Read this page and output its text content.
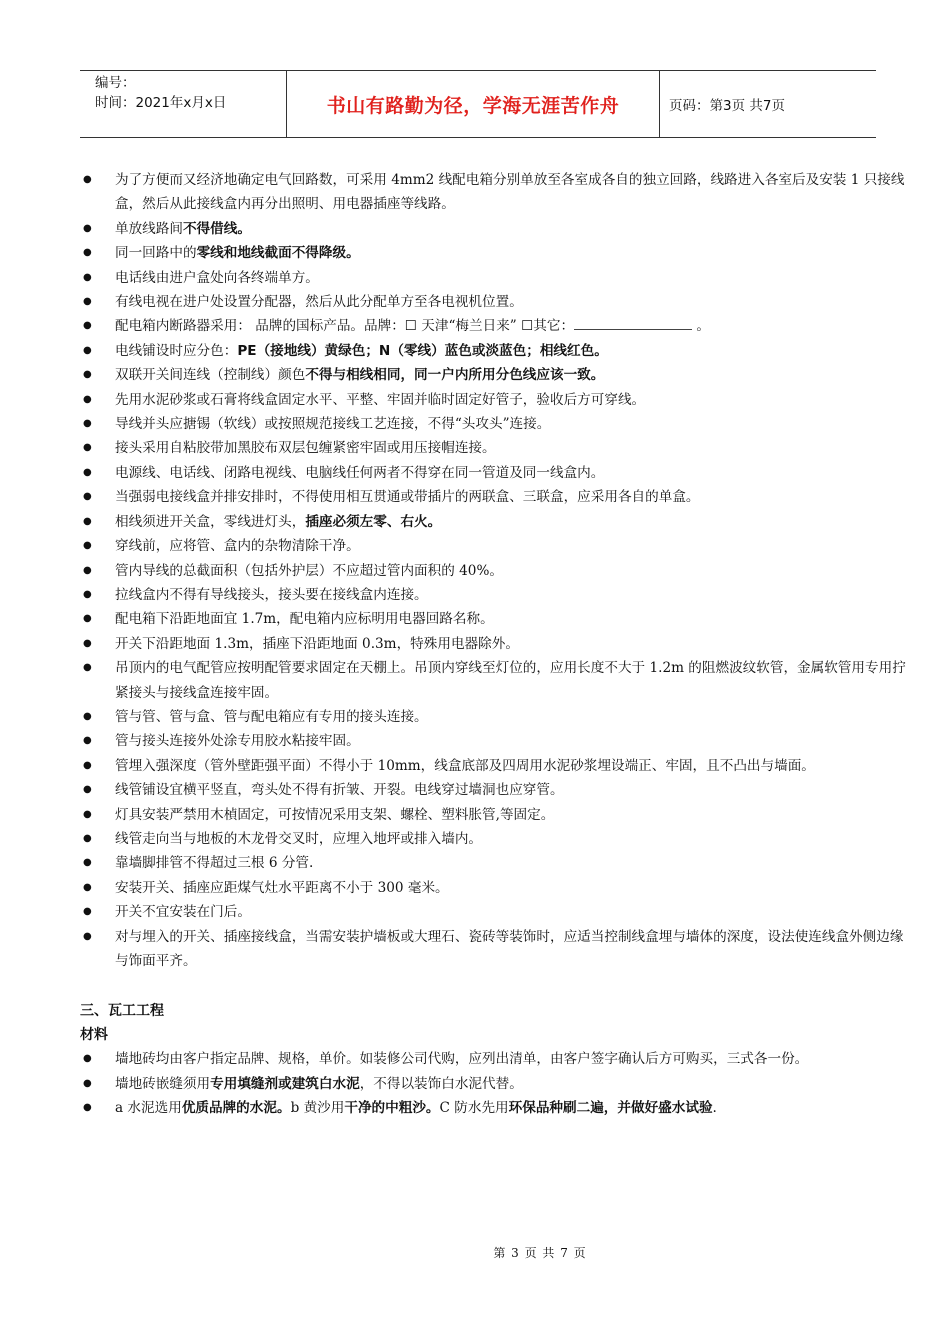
编号：
时间：2021年x月x日	书山有路勤为径，学海无涯苦作舟	页码：第3页 共7页
● 为了方便而又经济地确定电气回路数，可采用 4mm2 线配电箱分别单放至各室成各自的独立回路，线路进入各室后及安装 1 只接线盒，然后从此接线盒内再分出照明、用电器插座等线路。
● 单放线路间不得借线。
● 同一回路中的零线和地线截面不得降级。
● 电话线由进户盒处向各终端单方。
● 有线电视在进户处设置分配器，然后从此分配单方至各电视机位置。
● 配电箱内断路器采用： 品牌的国标产品。品牌：☐ 天津“梅兰日来” ☐其它：	。
● 电线铺设时应分色：PE（接地线）黄绿色；N（零线）蓝色或淡蓝色；相线红色。
● 双联开关间连线（控制线）颜色不得与相线相同，同一户内所用分色线应该一致。
● 先用水泥砂浆或石膏将线盒固定水平、平整、牢固并临时固定好管子，验收后方可穿线。
● 导线并头应搪锡（软线）或按照规范接线工艺连接，不得“头攻头”连接。
● 接头采用自粘胶带加黑胶布双层包缠紧密牢固或用压接帽连接。
● 电源线、电话线、闭路电视线、电脑线任何两者不得穿在同一管道及同一线盒内。
● 当强弱电接线盒并排安排时，不得使用相互贯通或带插片的两联盒、三联盒，应采用各自的单盒。
● 相线须进开关盒，零线进灯头，插座必须左零、右火。
● 穿线前，应将管、盒内的杂物清除干净。
● 管内导线的总截面积（包括外护层）不应超过管内面积的 40%。
● 拉线盒内不得有导线接头，接头要在接线盒内连接。
● 配电箱下沿距地面宜 1.7m，配电箱内应标明用电器回路名称。
● 开关下沿距地面 1.3m，插座下沿距地面 0.3m，特殊用电器除外。
● 吊顶内的电气配管应按明配管要求固定在天棚上。吊顶内穿线至灯位的，应用长度不大于 1.2m 的阻燃波纹软管，金属软管用专用拧紧接头与接线盒连接牢固。
● 管与管、管与盒、管与配电箱应有专用的接头连接。
● 管与接头连接外处涂专用胶水粘接牢固。
● 管埋入强深度（管外壁距强平面）不得小于 10mm，线盒底部及四周用水泥砂浆埋设端正、牢固，且不凸出与墙面。
● 线管铺设宜横平竖直，弯头处不得有折皱、开裂。电线穿过墙洞也应穿管。
● 灯具安装严禁用木楨固定，可按情况采用支架、螺栓、塑料胀管,等固定。
● 线管走向当与地板的木龙骨交叉时，应埋入地坪或排入墙内。
● 靠墙脚排管不得超过三根 6 分管.
● 安装开关、插座应距煤气灶水平距离不小于 300 毫米。
● 开关不宜安装在门后。
● 对与埋入的开关、插座接线盒，当需安装护墙板或大理石、瓷砖等装饰时，应适当控制线盒埋与墙体的深度，设法使连线盒外侧边缘与饰面平齐。
三、瓦工工程
材料
● 墙地砖均由客户指定品牌、规格，单价。如装修公司代购，应列出清单，由客户签字确认后方可购买，三式各一份。
● 墙地砖嵌缝须用专用填缝剂或建筑白水泥，不得以装饰白水泥代替。
● a 水泥选用优质品牌的水泥。b 黄沙用干净的中粗沙。C 防水先用环保品种刷二遍，并做好盛水试验.
第 3 页 共 7 页
